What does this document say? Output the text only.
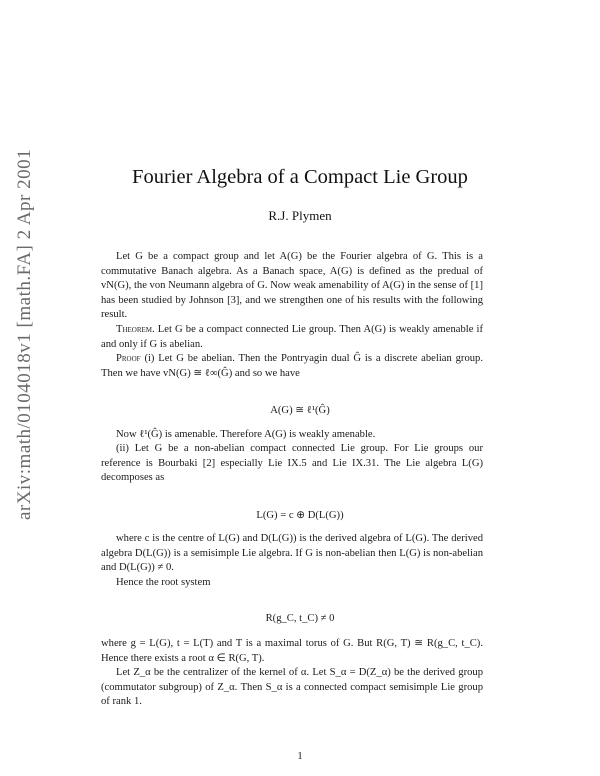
arXiv:math/0104018v1 [math.FA] 2 Apr 2001	Fourier Algebra of a Compact Lie Group
R.J. Plymen
Let G be a compact group and let A(G) be the Fourier algebra of G. This is a commutative Banach algebra. As a Banach space, A(G) is defined as the predual of vN(G), the von Neumann algebra of G. Now weak amenability of A(G) in the sense of [1] has been studied by Johnson [3], and we strengthen one of his results with the following result.
Theorem. Let G be a compact connected Lie group. Then A(G) is weakly amenable if and only if G is abelian.
Proof (i) Let G be abelian. Then the Pontryagin dual Ĝ is a discrete abelian group. Then we have vN(G) ≅ ℓ∞(Ĝ) and so we have
A(G) ≅ ℓ¹(Ĝ)
Now ℓ¹(Ĝ) is amenable. Therefore A(G) is weakly amenable.
(ii) Let G be a non-abelian compact connected Lie group. For Lie groups our reference is Bourbaki [2] especially Lie IX.5 and Lie IX.31. The Lie algebra L(G) decomposes as
L(G) = c ⊕ D(L(G))
where c is the centre of L(G) and D(L(G)) is the derived algebra of L(G). The derived algebra D(L(G)) is a semisimple Lie algebra. If G is non-abelian then L(G) is non-abelian and D(L(G)) ≠ 0.
Hence the root system
R(g_C, t_C) ≠ 0
where g = L(G), t = L(T) and T is a maximal torus of G. But R(G, T) ≅ R(g_C, t_C). Hence there exists a root α ∈ R(G, T).
Let Z_α be the centralizer of the kernel of α. Let S_α = D(Z_α) be the derived group (commutator subgroup) of Z_α. Then S_α is a connected compact semisimple Lie group of rank 1.
1
